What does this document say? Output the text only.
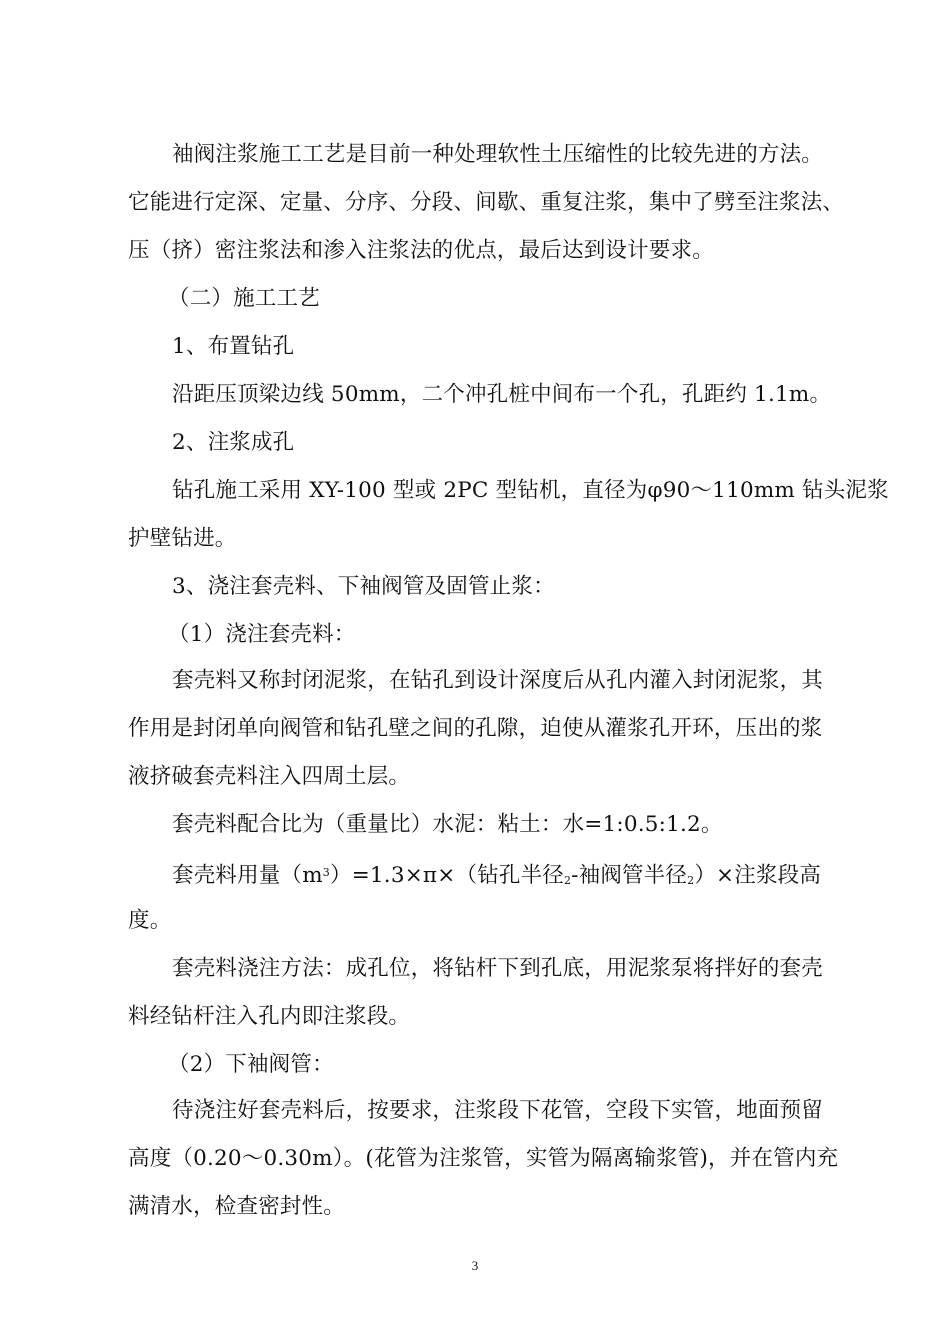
袖阀注浆施工工艺是目前一种处理软性土压缩性的比较先进的方法。
它能进行定深、定量、分序、分段、间歇、重复注浆，集中了劈至注浆法、
压（挤）密注浆法和渗入注浆法的优点，最后达到设计要求。
（二）施工工艺
1、布置钻孔
沿距压顶梁边线 50mm，二个冲孔桩中间布一个孔，孔距约 1.1m。
2、注浆成孔
钻孔施工采用 XY-100 型或 2PC 型钻机，直径为φ90～110mm 钻头泥浆
护壁钻进。
3、浇注套壳料、下袖阀管及固管止浆：
（1）浇注套壳料：
套壳料又称封闭泥浆，在钻孔到设计深度后从孔内灌入封闭泥浆，其
作用是封闭单向阀管和钻孔壁之间的孔隙，迫使从灌浆孔开环，压出的浆
液挤破套壳料注入四周土层。
套壳料配合比为（重量比）水泥：粘土：水=1:0.5:1.2。
套壳料用量$(m^3)=1.3\times\pi\times$（钻孔半径2-袖阀管半径2）×注浆段高
度。
套壳料浇注方法：成孔位，将钻杆下到孔底，用泥浆泵将拌好的套壳
料经钻杆注入孔内即注浆段。
（2）下袖阀管：
待浇注好套壳料后，按要求，注浆段下花管，空段下实管，地面预留
高度（0.20～0.30m）。(花管为注浆管，实管为隔离输浆管)，并在管内充
满清水，检查密封性。
3
